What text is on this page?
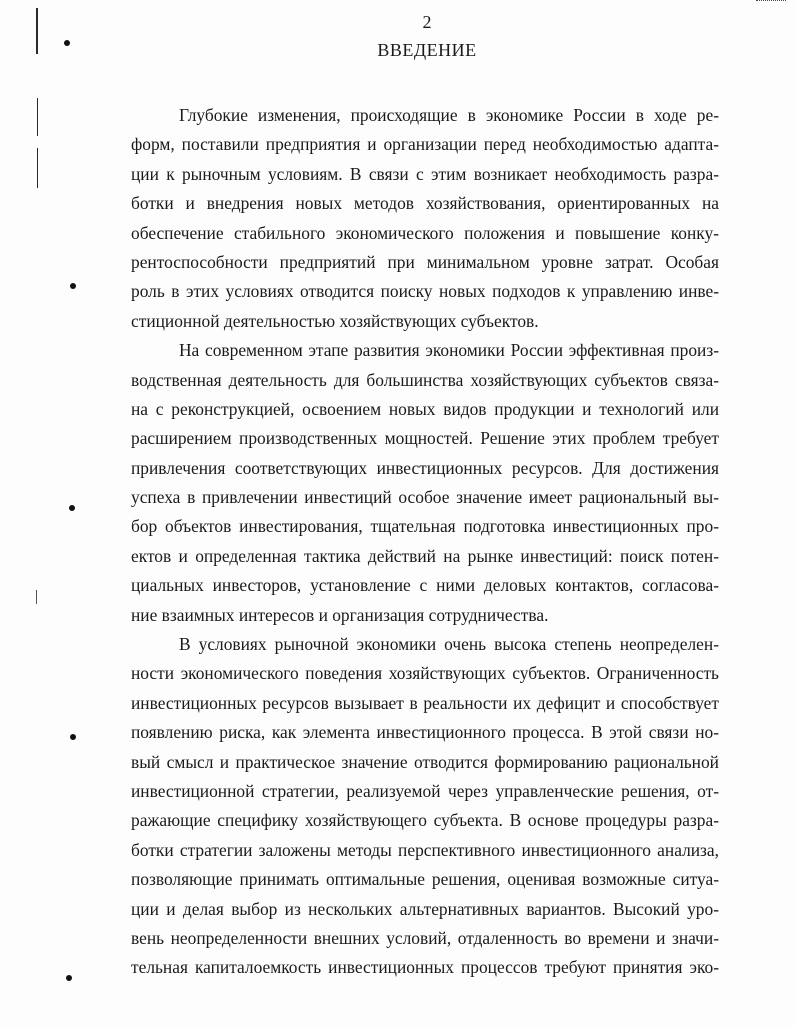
2
ВВЕДЕНИЕ
Глубокие изменения, происходящие в экономике России в ходе ре-
форм, поставили предприятия и организации перед необходимостью адапта-
ции к рыночным условиям. В связи с этим возникает необходимость разра-
ботки и внедрения новых методов хозяйствования, ориентированных на
обеспечение стабильного экономического положения и повышение конку-
рентоспособности предприятий при минимальном уровне затрат. Особая
роль в этих условиях отводится поиску новых подходов к управлению инве-
стиционной деятельностью хозяйствующих субъектов.
На современном этапе развития экономики России эффективная произ-
водственная деятельность для большинства хозяйствующих субъектов связа-
на с реконструкцией, освоением новых видов продукции и технологий или
расширением производственных мощностей. Решение этих проблем требует
привлечения соответствующих инвестиционных ресурсов. Для достижения
успеха в привлечении инвестиций особое значение имеет рациональный вы-
бор объектов инвестирования, тщательная подготовка инвестиционных про-
ектов и определенная тактика действий на рынке инвестиций: поиск потен-
циальных инвесторов, установление с ними деловых контактов, согласова-
ние взаимных интересов и организация сотрудничества.
В условиях рыночной экономики очень высока степень неопределен-
ности экономического поведения хозяйствующих субъектов. Ограниченность
инвестиционных ресурсов вызывает в реальности их дефицит и способствует
появлению риска, как элемента инвестиционного процесса. В этой связи но-
вый смысл и практическое значение отводится формированию рациональной
инвестиционной стратегии, реализуемой через управленческие решения, от-
ражающие специфику хозяйствующего субъекта. В основе процедуры разра-
ботки стратегии заложены методы перспективного инвестиционного анализа,
позволяющие принимать оптимальные решения, оценивая возможные ситуа-
ции и делая выбор из нескольких альтернативных вариантов. Высокий уро-
вень неопределенности внешних условий, отдаленность во времени и значи-
тельная капиталоемкость инвестиционных процессов требуют принятия эко-
